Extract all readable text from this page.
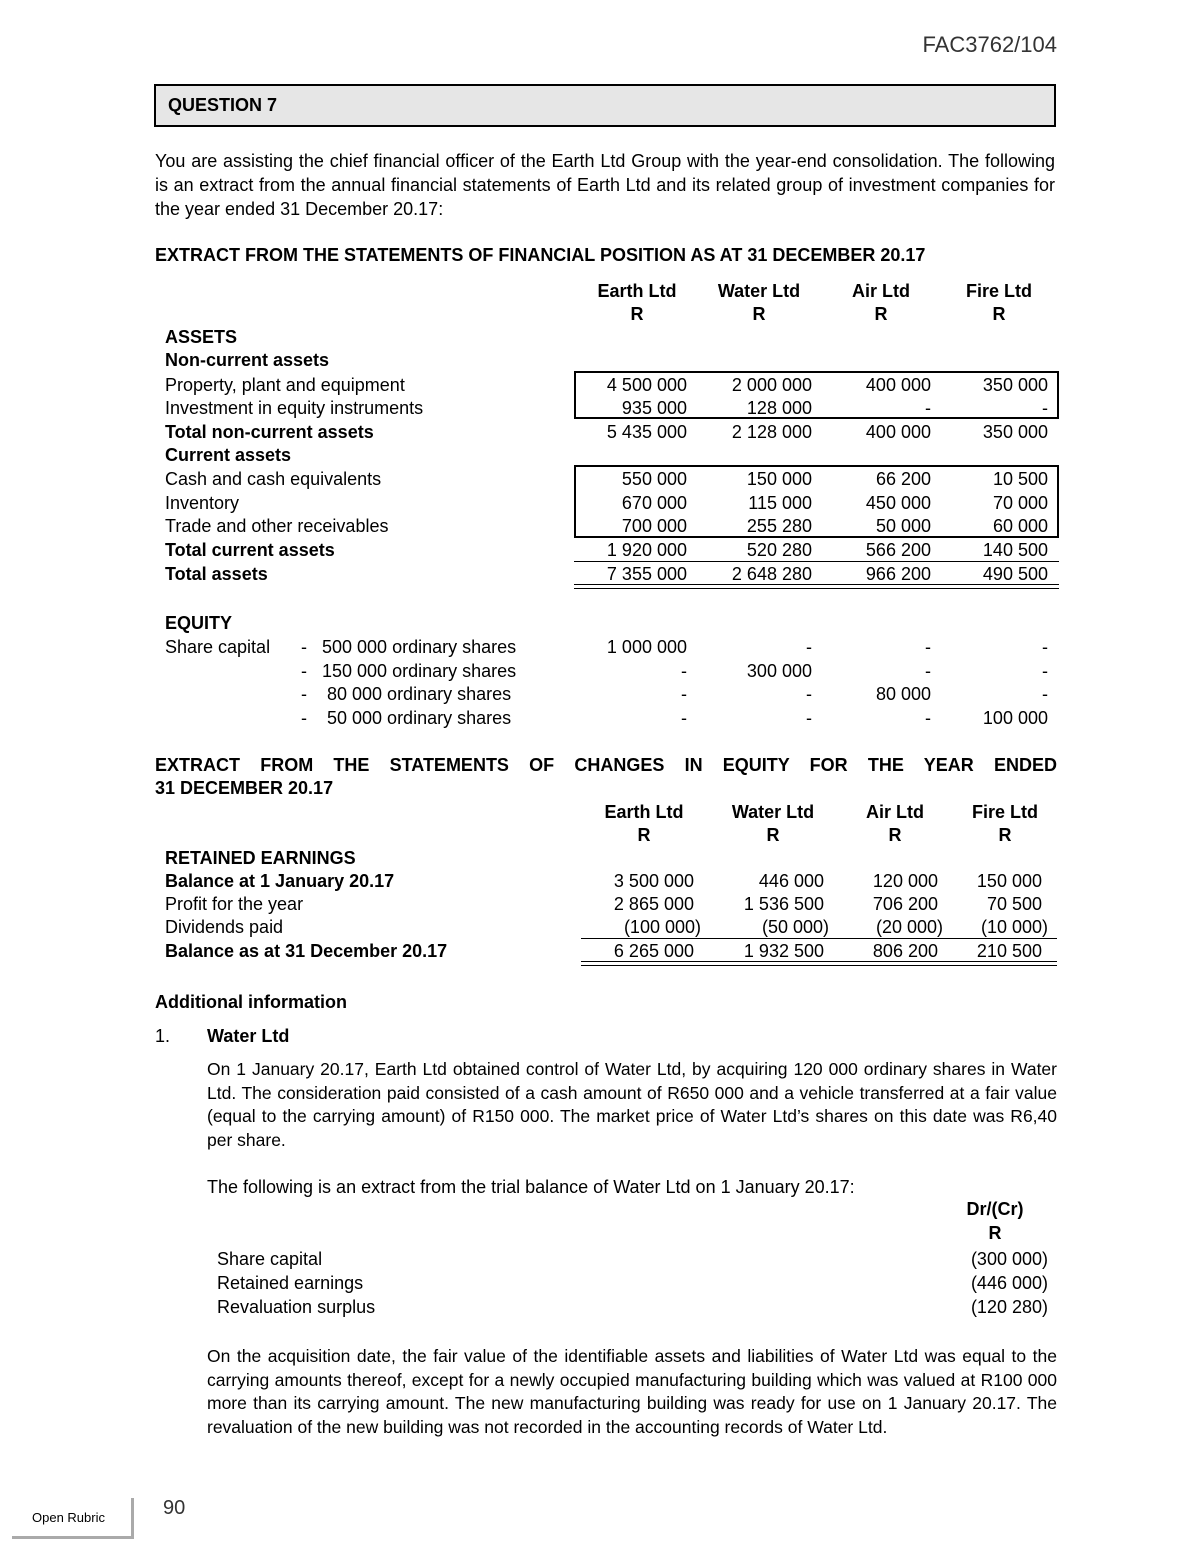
FAC3762/104
QUESTION 7
You are assisting the chief financial officer of the Earth Ltd Group with the year-end consolidation. The following is an extract from the annual financial statements of Earth Ltd and its related group of investment companies for the year ended 31 December 20.17:
EXTRACT FROM THE STATEMENTS OF FINANCIAL POSITION AS AT 31 DECEMBER 20.17
Earth Ltd	Water Ltd	Air Ltd	Fire Ltd
R	R	R	R
ASSETS
Non-current assets
Property, plant and equipment	4 500 000	2 000 000	400 000	350 000
Investment in equity instruments	935 000	128 000	-	-
Total non-current assets	5 435 000	2 128 000	400 000	350 000
Current assets
Cash and cash equivalents	550 000	150 000	66 200	10 500
Inventory	670 000	115 000	450 000	70 000
Trade and other receivables	700 000	255 280	50 000	60 000
Total current assets	1 920 000	520 280	566 200	140 500
Total assets	7 355 000	2 648 280	966 200	490 500
EQUITY
Share capital - 500 000 ordinary shares	1 000 000	-	-	-
- 150 000 ordinary shares	-	300 000	-	-
- 80 000 ordinary shares	-	-	80 000	-
- 50 000 ordinary shares	-	-	-	100 000
EXTRACT FROM THE STATEMENTS OF CHANGES IN EQUITY FOR THE YEAR ENDED
31 DECEMBER 20.17
Earth Ltd	Water Ltd	Air Ltd	Fire Ltd
R	R	R	R
RETAINED EARNINGS
Balance at 1 January 20.17	3 500 000	446 000	120 000	150 000
Profit for the year	2 865 000	1 536 500	706 200	70 500
Dividends paid	(100 000)	(50 000)	(20 000)	(10 000)
Balance as at 31 December 20.17	6 265 000	1 932 500	806 200	210 500
Additional information
1. Water Ltd
On 1 January 20.17, Earth Ltd obtained control of Water Ltd, by acquiring 120 000 ordinary shares in Water Ltd. The consideration paid consisted of a cash amount of R650 000 and a vehicle transferred at a fair value (equal to the carrying amount) of R150 000. The market price of Water Ltd’s shares on this date was R6,40 per share.
The following is an extract from the trial balance of Water Ltd on 1 January 20.17:
Dr/(Cr)
R
Share capital	(300 000)
Retained earnings	(446 000)
Revaluation surplus	(120 280)
On the acquisition date, the fair value of the identifiable assets and liabilities of Water Ltd was equal to the carrying amounts thereof, except for a newly occupied manufacturing building which was valued at R100 000 more than its carrying amount. The new manufacturing building was ready for use on 1 January 20.17. The revaluation of the new building was not recorded in the accounting records of Water Ltd.
Open Rubric	90
